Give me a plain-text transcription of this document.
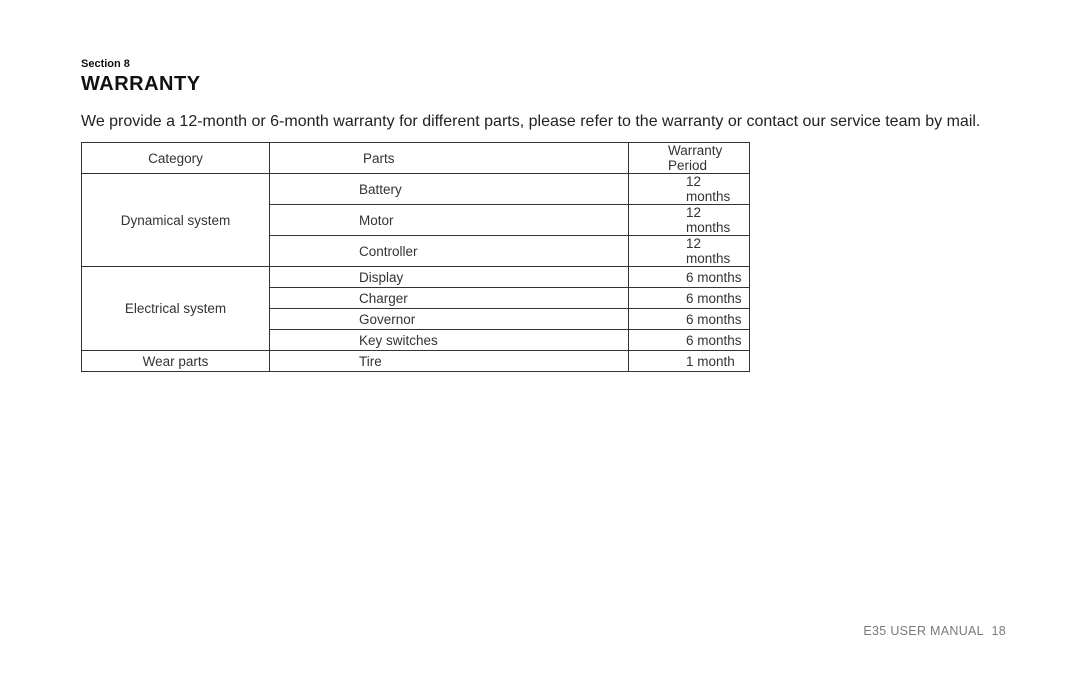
Section 8
WARRANTY
We provide a 12-month or 6-month warranty for different parts, please refer to the warranty or contact our service team by mail.
Category	Parts	Warranty Period
Dynamical system	Battery	12 months
	Motor	12 months
	Controller	12 months
Electrical system	Display	6 months
	Charger	6 months
	Governor	6 months
	Key switches	6 months
Wear parts	Tire	1 month
E35 USER MANUAL 18
